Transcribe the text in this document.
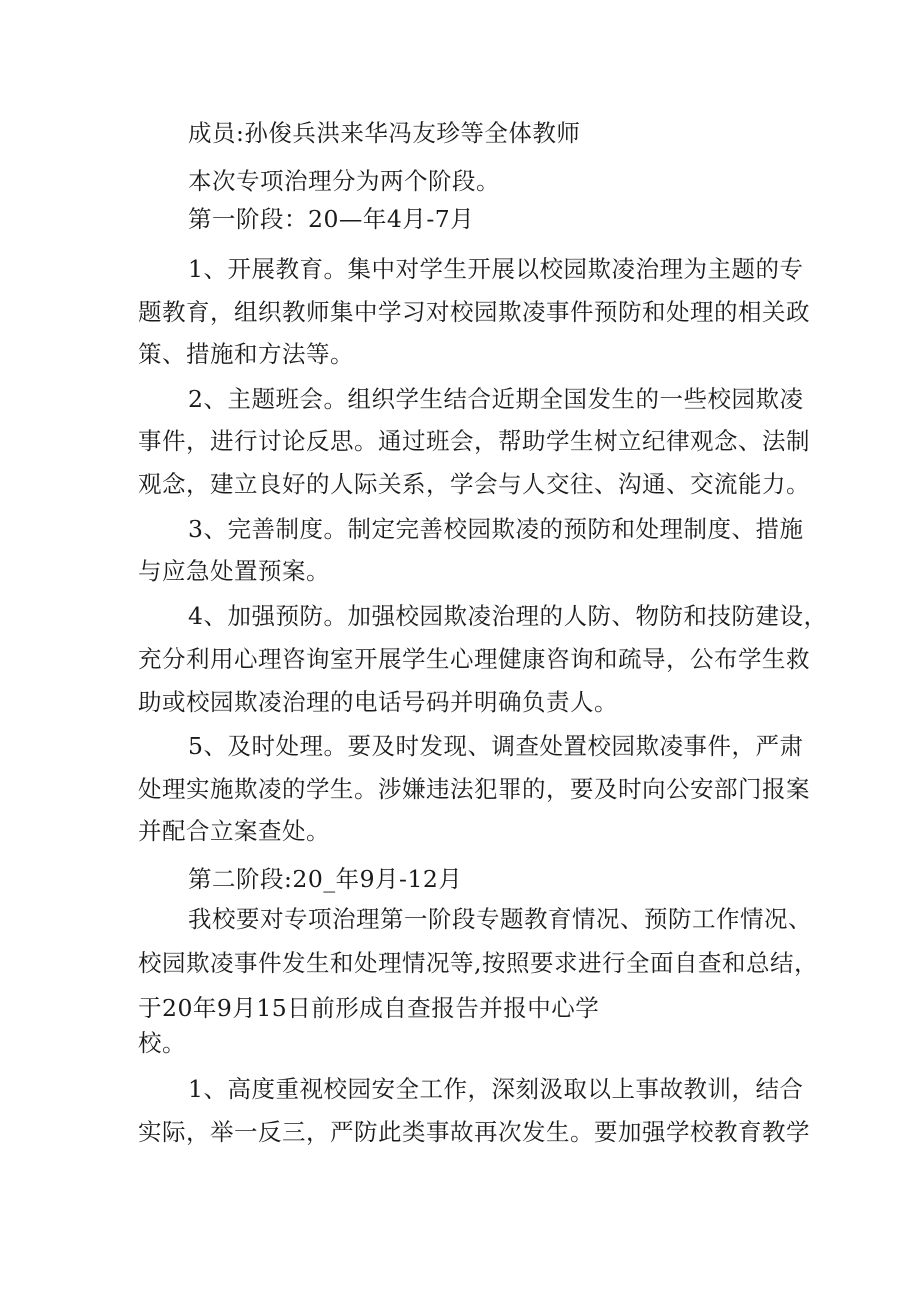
成员:孙俊兵洪来华冯友珍等全体教师
本次专项治理分为两个阶段。
第一阶段：20—年4月-7月
1、开展教育。集中对学生开展以校园欺凌治理为主题的专
题教育，组织教师集中学习对校园欺凌事件预防和处理的相关政
策、措施和方法等。
2、主题班会。组织学生结合近期全国发生的一些校园欺凌
事件，进行讨论反思。通过班会，帮助学生树立纪律观念、法制
观念，建立良好的人际关系，学会与人交往、沟通、交流能力。
3、完善制度。制定完善校园欺凌的预防和处理制度、措施
与应急处置预案。
4、加强预防。加强校园欺凌治理的人防、物防和技防建设，
充分利用心理咨询室开展学生心理健康咨询和疏导，公布学生救
助或校园欺凌治理的电话号码并明确负责人。
5、及时处理。要及时发现、调查处置校园欺凌事件，严肃
处理实施欺凌的学生。涉嫌违法犯罪的，要及时向公安部门报案
并配合立案查处。
第二阶段:20_年9月-12月
我校要对专项治理第一阶段专题教育情况、预防工作情况、
校园欺凌事件发生和处理情况等,按照要求进行全面自查和总结，
于20年9月15日前形成自查报告并报中心学
校。
1、高度重视校园安全工作，深刻汲取以上事故教训，结合
实际，举一反三，严防此类事故再次发生。要加强学校教育教学
